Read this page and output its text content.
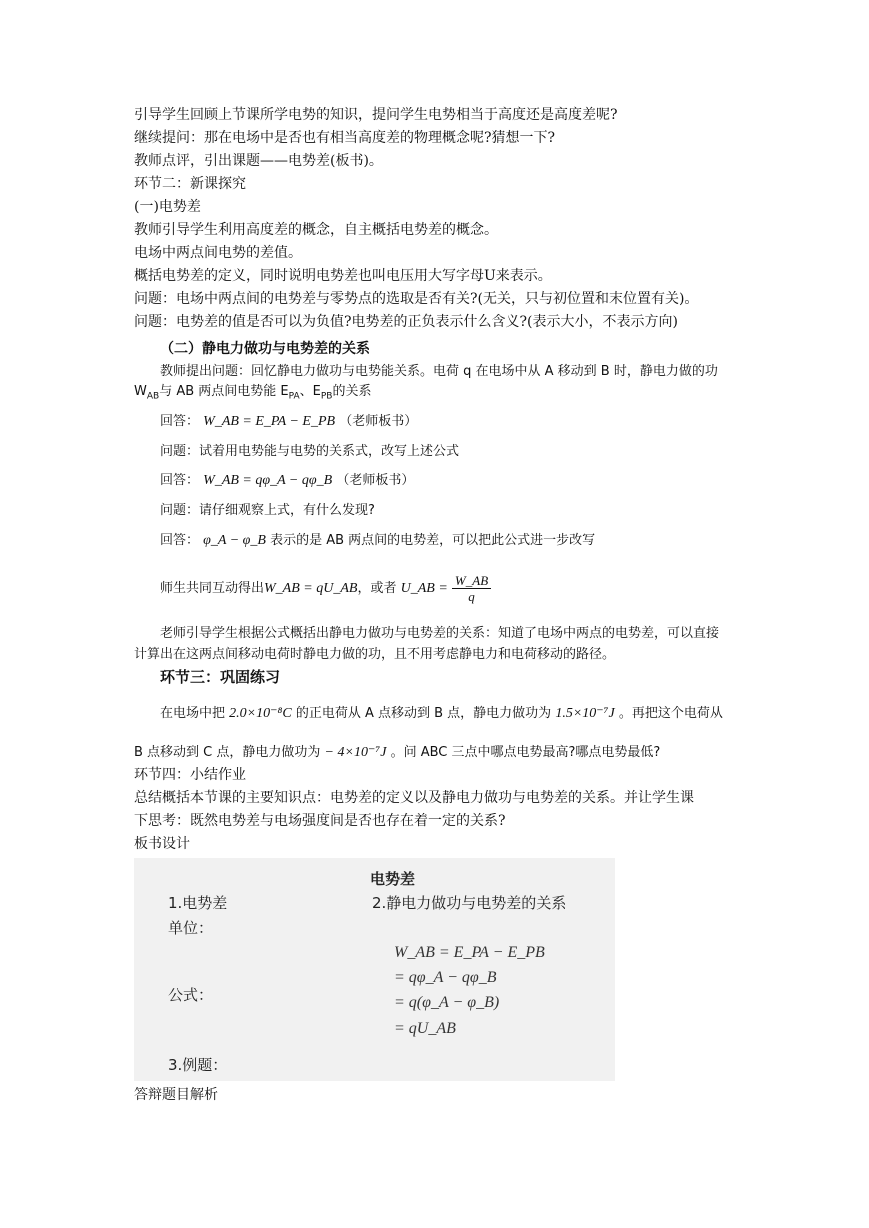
引导学生回顾上节课所学电势的知识，提问学生电势相当于高度还是高度差呢?
继续提问：那在电场中是否也有相当高度差的物理概念呢?猜想一下?
教师点评，引出课题——电势差(板书)。
环节二：新课探究
(一)电势差
教师引导学生利用高度差的概念，自主概括电势差的概念。
电场中两点间电势的差值。
概括电势差的定义，同时说明电势差也叫电压用大写字母U来表示。
问题：电场中两点间的电势差与零势点的选取是否有关?(无关，只与初位置和末位置有关)。
问题：电势差的值是否可以为负值?电势差的正负表示什么含义?(表示大小，不表示方向)
（二）静电力做功与电势差的关系
教师提出问题：回忆静电力做功与电势能关系。电荷 q 在电场中从 A 移动到 B 时，静电力做的功
$W_{AB}$与 AB 两点间电势能 $E_{PA}$、$E_{PB}$的关系
回答： W_AB = E_PA − E_PB （老师板书）
问题：试着用电势能与电势的关系式，改写上述公式
回答： W_AB = qφ_A − qφ_B （老师板书）
问题：请仔细观察上式，有什么发现?
回答： φ_A − φ_B 表示的是 AB 两点间的电势差，可以把此公式进一步改写
师生共同互动得出W_AB = qU_AB，或者 U_AB = $\frac{W\_AB}{q}$
老师引导学生根据公式概括出静电力做功与电势差的关系：知道了电场中两点的电势差，可以直接
计算出在这两点间移动电荷时静电力做的功，且不用考虑静电力和电荷移动的路径。
环节三：巩固练习
在电场中把 2.0×10⁻⁸C 的正电荷从 A 点移动到 B 点，静电力做功为 1.5×10⁻⁷J 。再把这个电荷从
B 点移动到 C 点，静电力做功为 − 4×10⁻⁷J 。问 ABC 三点中哪点电势最高?哪点电势最低?
环节四：小结作业
总结概括本节课的主要知识点：电势差的定义以及静电力做功与电势差的关系。并让学生课
下思考：既然电势差与电场强度间是否也存在着一定的关系?
板书设计
电势差
1.电势差
单位：
2.静电力做功与电势差的关系
W_AB = E_PA − E_PB
= qφ_A − qφ_B
公式：	= q(φ_A − φ_B)
= qU_AB
3.例题：
答辩题目解析
